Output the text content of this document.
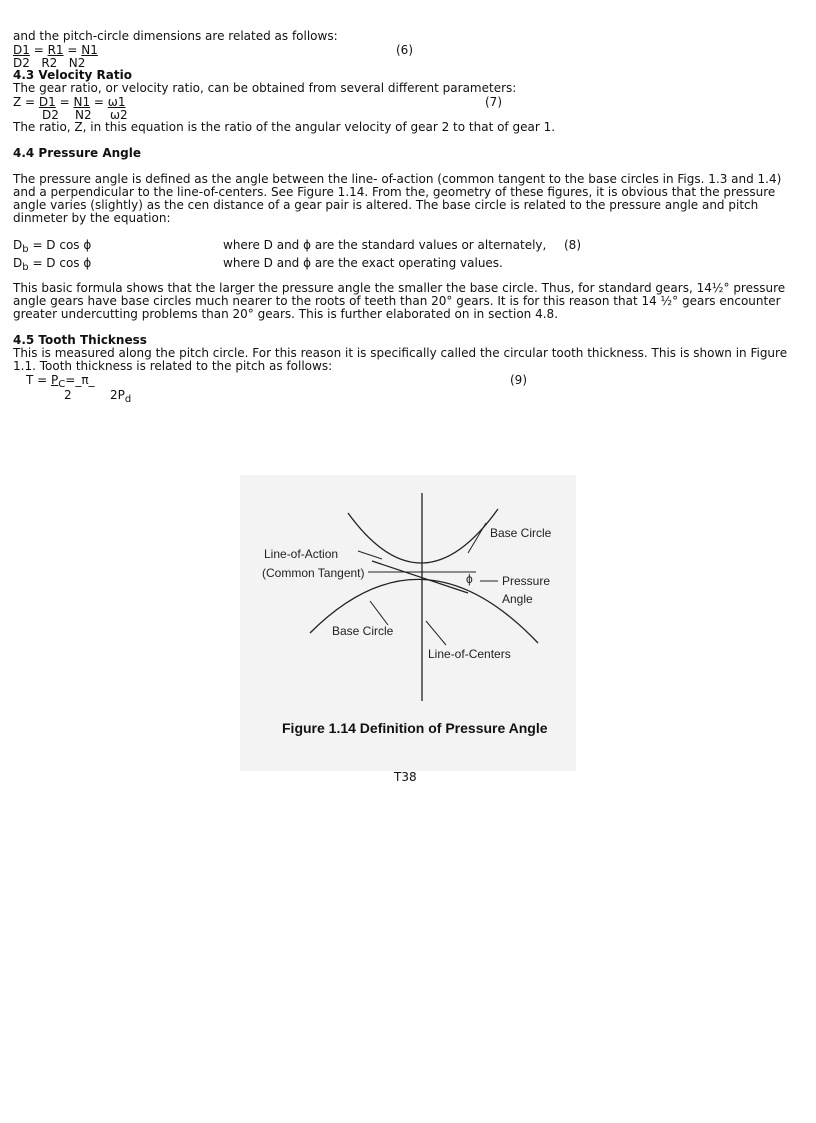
and the pitch-circle dimensions are related as follows:
D1 = R1 = N1	(6)
D2 R2 N2
4.3 Velocity Ratio
The gear ratio, or velocity ratio, can be obtained from several different parameters:
Z = D1 = N1 = ω1	(7)
D2 N2 ω2
The ratio, Z, in this equation is the ratio of the angular velocity of gear 2 to that of gear 1.
4.4 Pressure Angle
The pressure angle is defined as the angle between the line- of-action (common tangent to the base circles in Figs. 1.3 and 1.4) and a perpendicular to the line-of-centers. See Figure 1.14. From the, geometry of these figures, it is obvious that the pressure angle varies (slightly) as the cen distance of a gear pair is altered. The base circle is related to the pressure angle and pitch dinmeter by the equation:
$D_b = D$ cos ϕ	where D and ϕ are the standard values or alternately, (8)
$D_b = D$ cos ϕ	where D and ϕ are the exact operating values.
This basic formula shows that the larger the pressure angle the smaller the base circle. Thus, for standard gears, 14½° pressure angle gears have base circles much nearer to the roots of teeth than 20° gears. It is for this reason that 14 ½° gears encounter greater undercutting problems than 20° gears. This is further elaborated on in section 4.8.
4.5 Tooth Thickness
This is measured along the pitch circle. For this reason it is specifically called the circular tooth thickness. This is shown in Figure 1.1. Tooth thickness is related to the pitch as follows:
$T = P_C=\_\pi\_$	(9)
2	$2P_d$
Base Circle
Line-of-Action
(Common Tangent)	ϕ Pressure
Angle
Base Circle
Line-of-Centers
Figure 1.14 Definition of Pressure Angle
T38
